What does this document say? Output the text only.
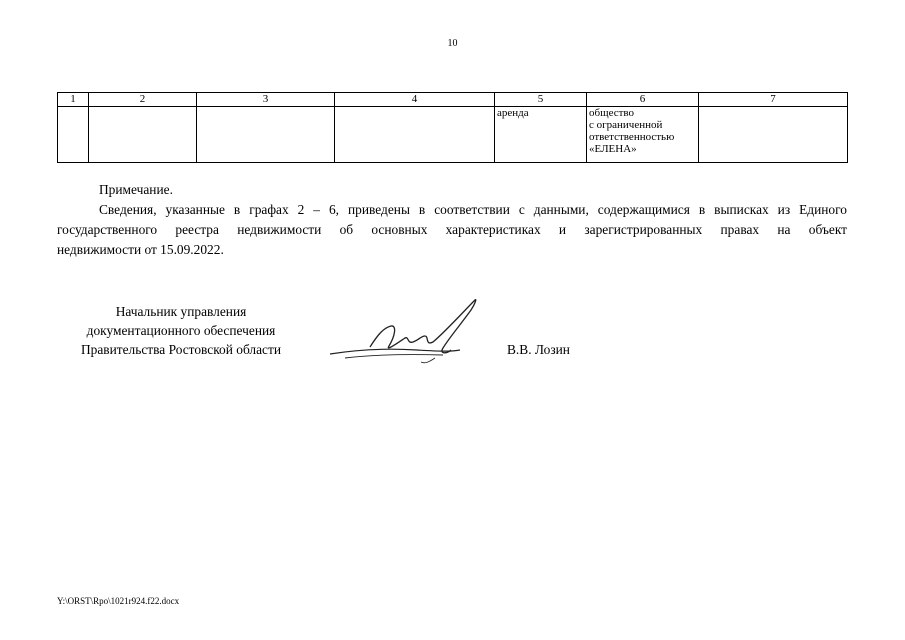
10
1	2	3	4	5	6	7
				аренда	общество
с ограниченной
ответственностью
«ЕЛЕНА»	

Примечание.

Сведения, указанные в графах 2 – 6, приведены в соответствии с данными, содержащимися в выписках из Единого

государственного реестра недвижимости об основных характеристиках и зарегистрированных правах на объект

недвижимости от 15.09.2022.

Начальник управления
документационного обеспечения
Правительства Ростовской области	В.В. Лозин
Y:\ORST\Rpo\1021r924.f22.docx
